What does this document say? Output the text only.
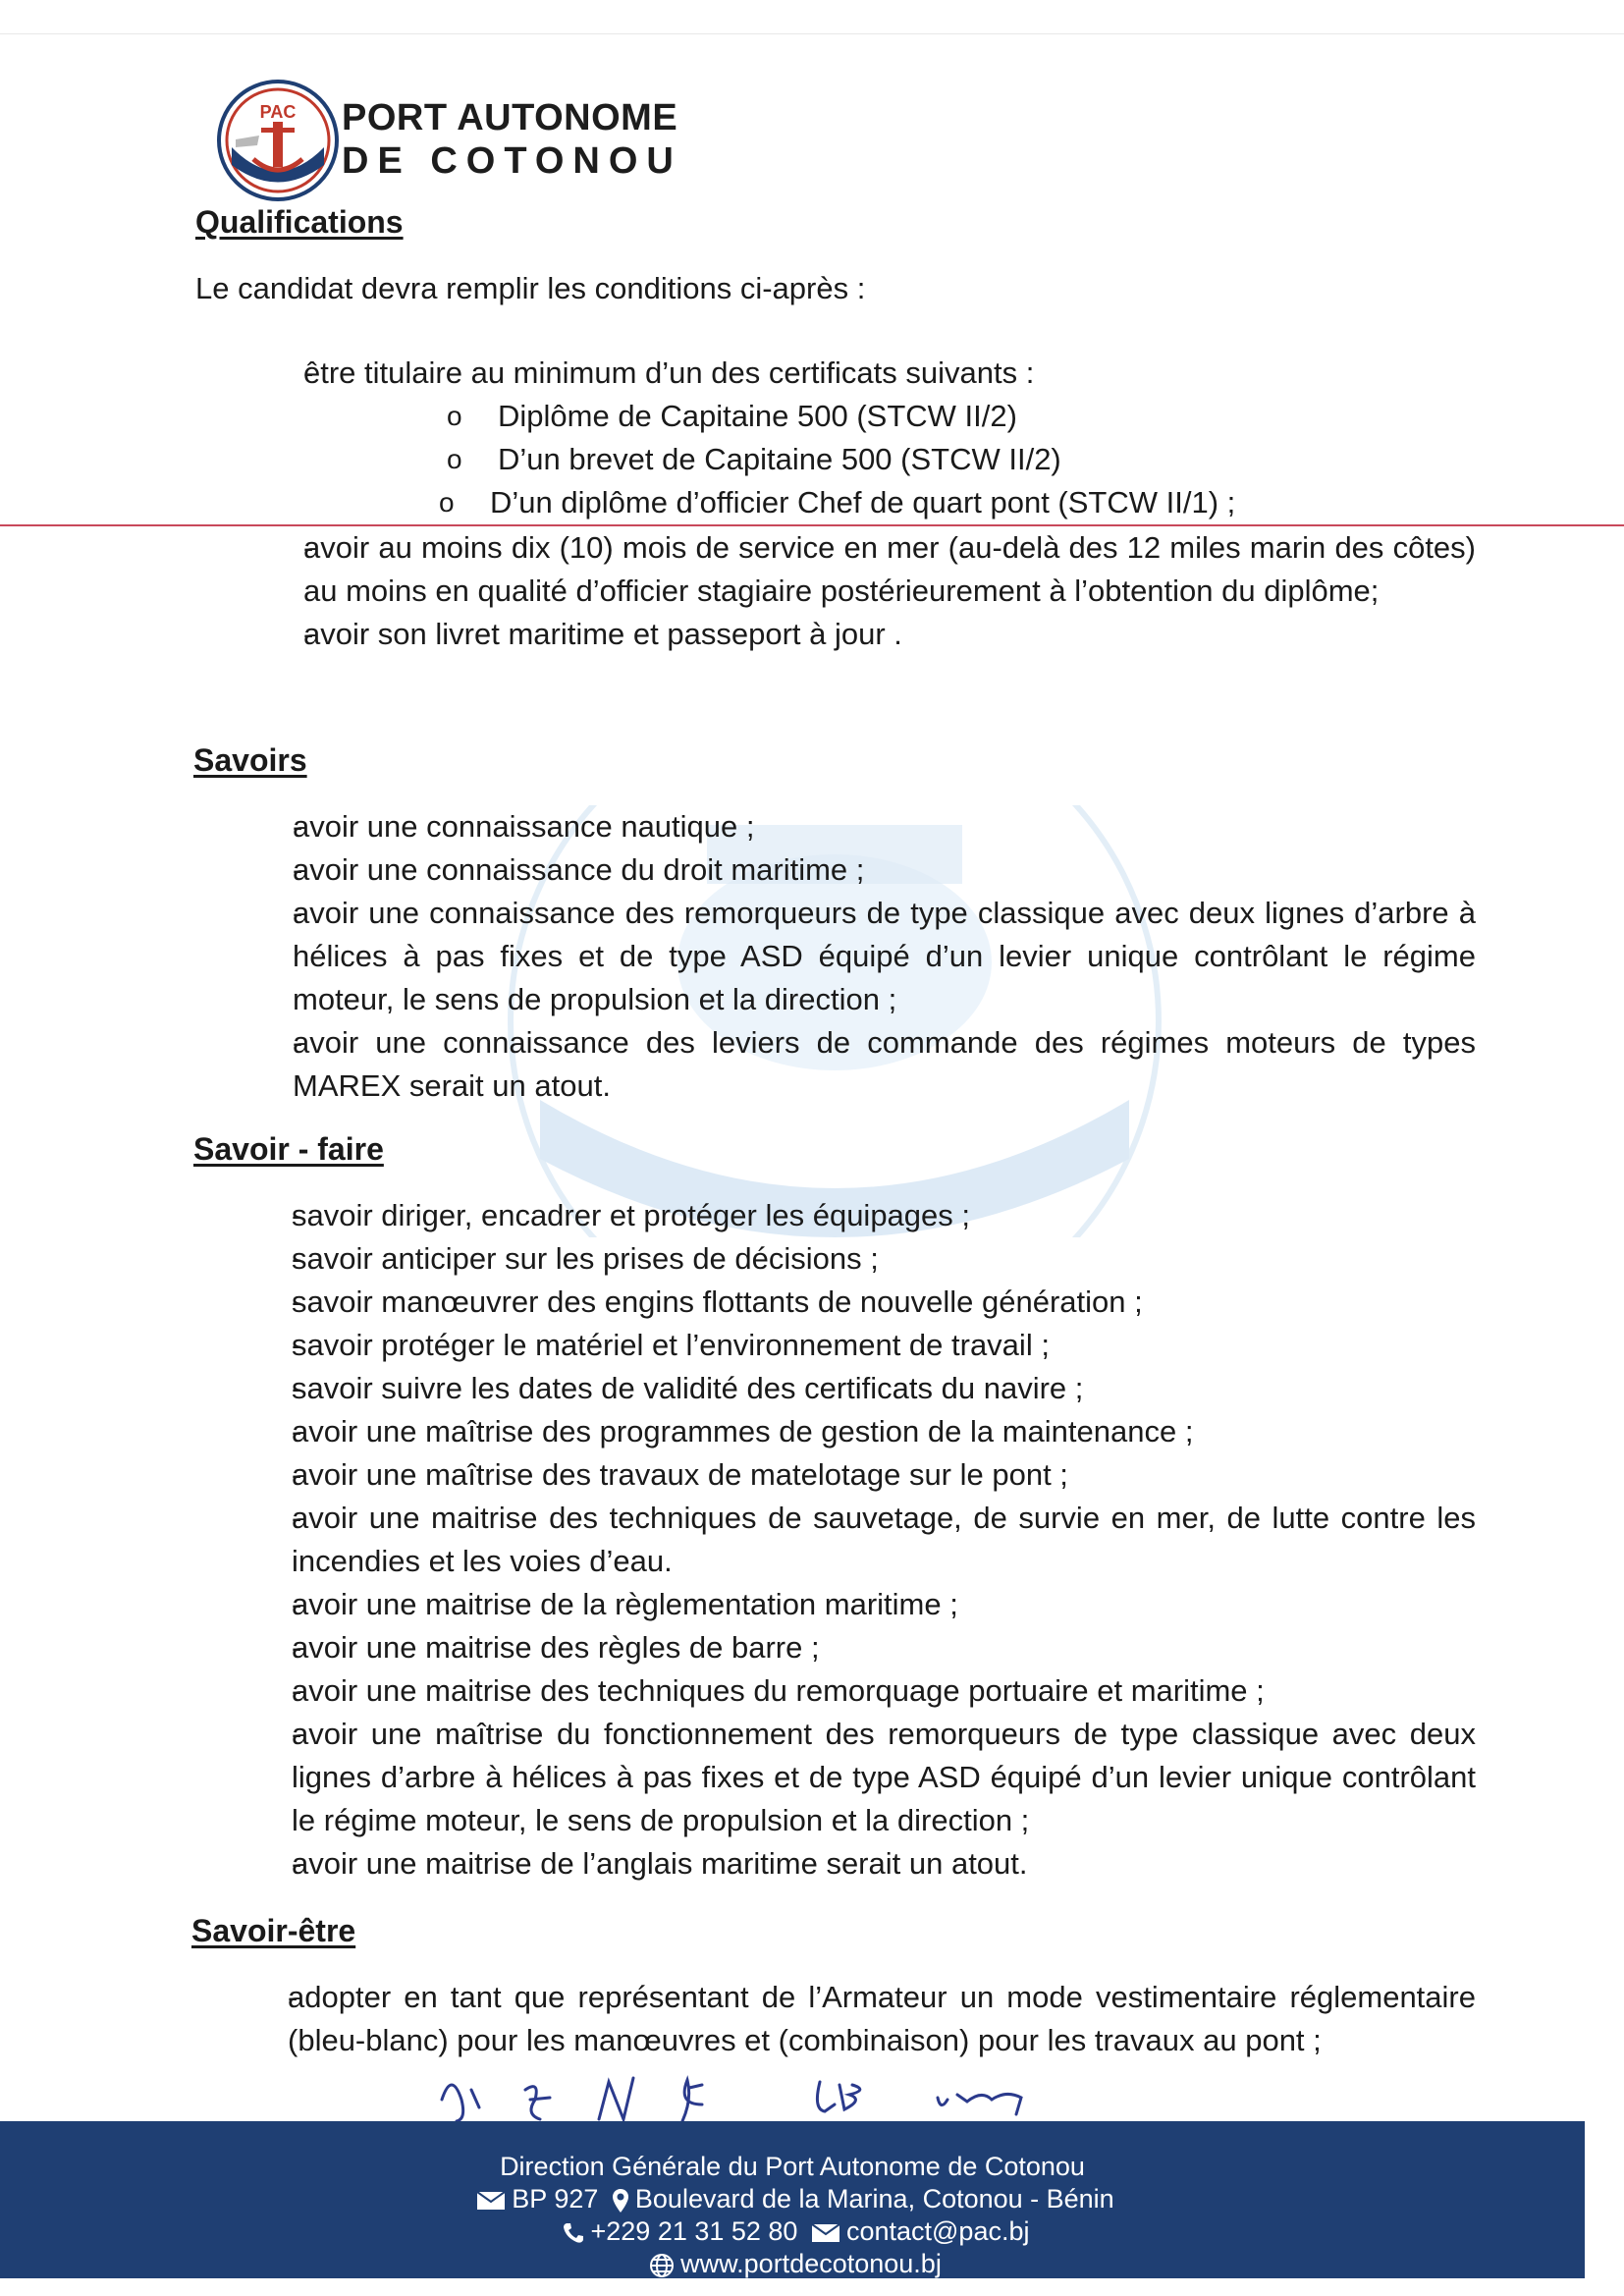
PAC PORT AUTONOME
DE COTONOU
Qualifications
Le candidat devra remplir les conditions ci-après :
- être titulaire au minimum d’un des certificats suivants :
o Diplôme de Capitaine 500 (STCW II/2)
o D’un brevet de Capitaine 500 (STCW II/2)
o D’un diplôme d’officier Chef de quart pont (STCW II/1) ;
- avoir au moins dix (10) mois de service en mer (au-delà des 12 miles marin des côtes) au moins en qualité d’officier stagiaire postérieurement à l’obtention du diplôme;
- avoir son livret maritime et passeport à jour .
Savoirs
- avoir une connaissance nautique ;
- avoir une connaissance du droit maritime ;
- avoir une connaissance des remorqueurs de type classique avec deux lignes d’arbre à hélices à pas fixes et de type ASD équipé d’un levier unique contrôlant le régime moteur, le sens de propulsion et la direction ;
- avoir une connaissance des leviers de commande des régimes moteurs de types MAREX serait un atout.
Savoir - faire
- savoir diriger, encadrer et protéger les équipages ;
- savoir anticiper sur les prises de décisions ;
- savoir manœuvrer des engins flottants de nouvelle génération ;
- savoir protéger le matériel et l’environnement de travail ;
- savoir suivre les dates de validité des certificats du navire ;
- avoir une maîtrise des programmes de gestion de la maintenance ;
- avoir une maîtrise des travaux de matelotage sur le pont ;
- avoir une maitrise des techniques de sauvetage, de survie en mer, de lutte contre les incendies et les voies d’eau.
- avoir une maitrise de la règlementation maritime ;
- avoir une maitrise des règles de barre ;
- avoir une maitrise des techniques du remorquage portuaire et maritime ;
- avoir une maîtrise du fonctionnement des remorqueurs de type classique avec deux lignes d’arbre à hélices à pas fixes et de type ASD équipé d’un levier unique contrôlant le régime moteur, le sens de propulsion et la direction ;
- avoir une maitrise de l’anglais maritime serait un atout.
Savoir-être
- adopter en tant que représentant de l’Armateur un mode vestimentaire réglementaire (bleu-blanc) pour les manœuvres et (combinaison) pour les travaux au pont ;
Direction Générale du Port Autonome de Cotonou
BP 927 Boulevard de la Marina, Cotonou - Bénin
+229 21 31 52 80 contact@pac.bj
www.portdecotonou.bj
